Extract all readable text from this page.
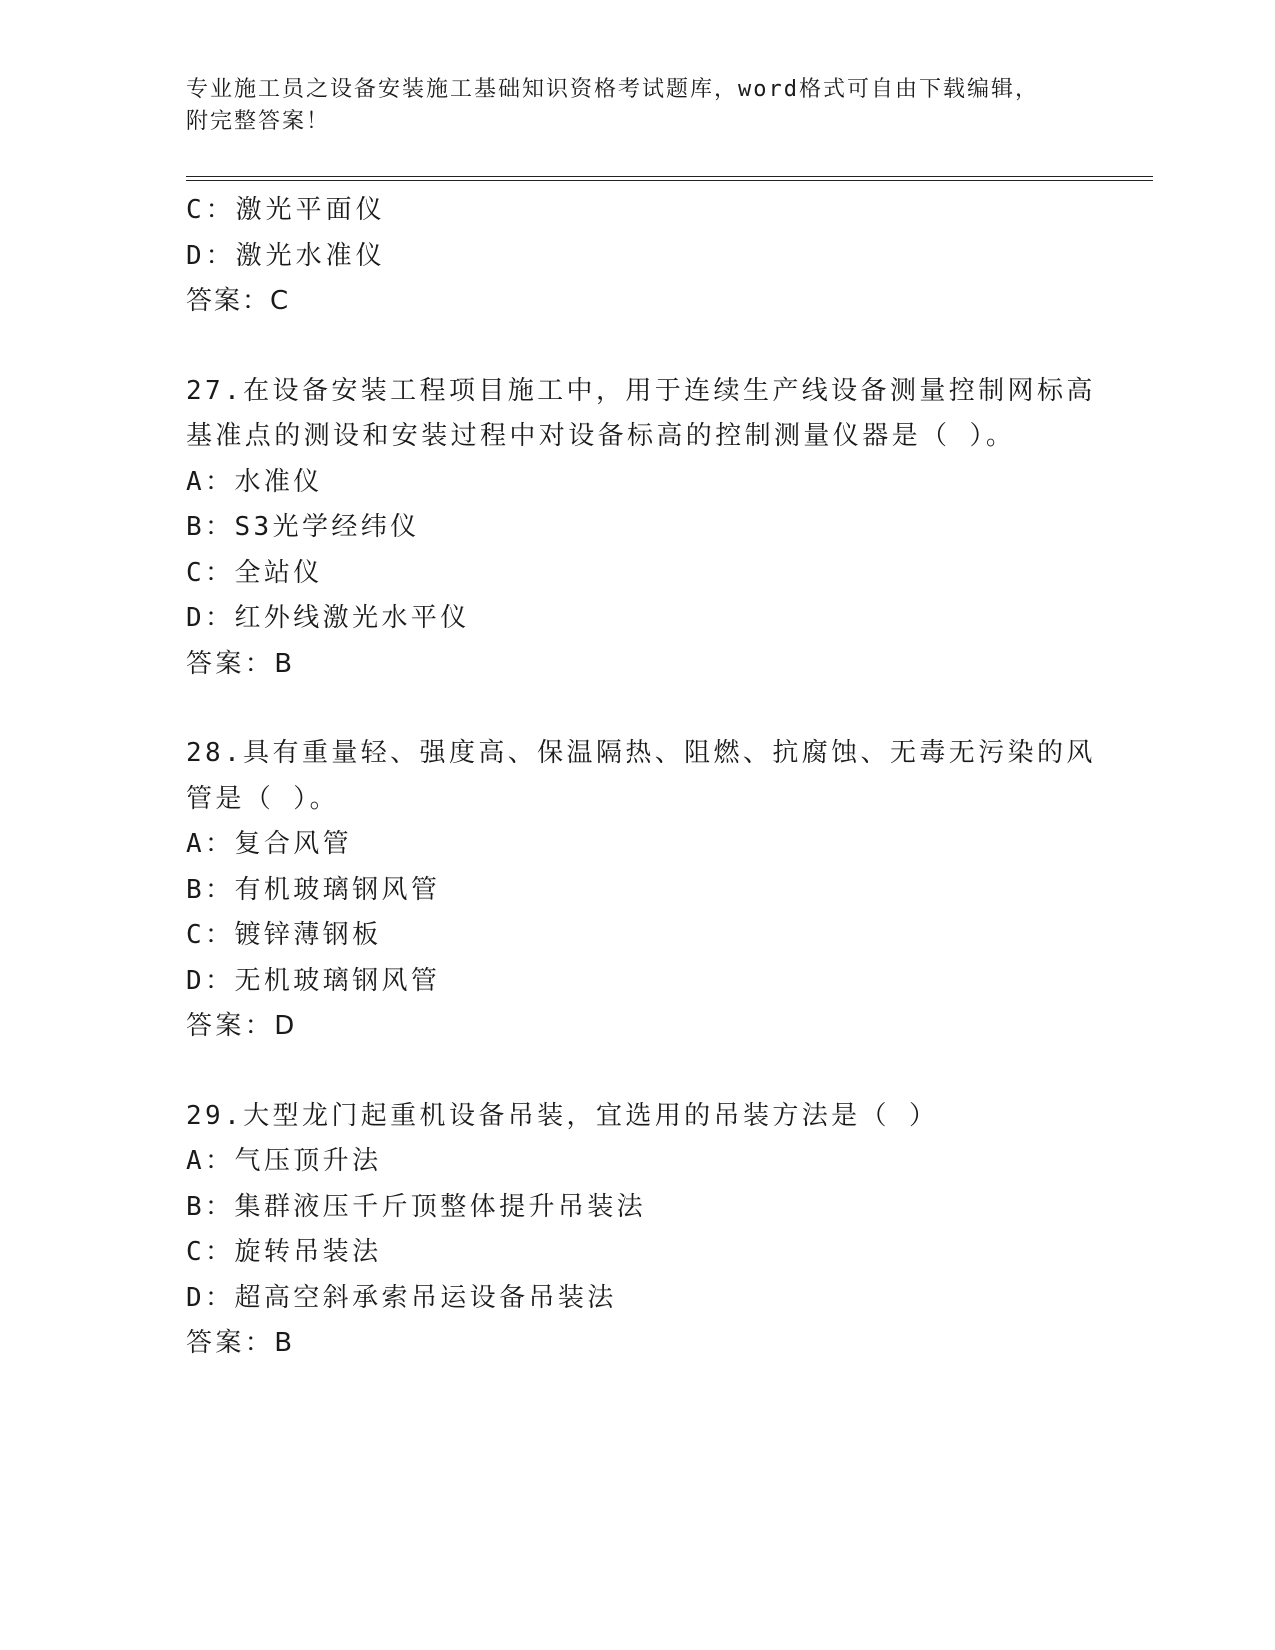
专业施工员之设备安装施工基础知识资格考试题库，word格式可自由下载编辑，
附完整答案！
C：激光平面仪
D：激光水准仪
答案：C
27.在设备安装工程项目施工中，用于连续生产线设备测量控制网标高
基准点的测设和安装过程中对设备标高的控制测量仪器是（ ）。
A：水准仪
B：S3光学经纬仪
C：全站仪
D：红外线激光水平仪
答案：B
28.具有重量轻、强度高、保温隔热、阻燃、抗腐蚀、无毒无污染的风
管是（ ）。
A：复合风管
B：有机玻璃钢风管
C：镀锌薄钢板
D：无机玻璃钢风管
答案：D
29.大型龙门起重机设备吊装，宜选用的吊装方法是（ ）
A：气压顶升法
B：集群液压千斤顶整体提升吊装法
C：旋转吊装法
D：超高空斜承索吊运设备吊装法
答案：B
